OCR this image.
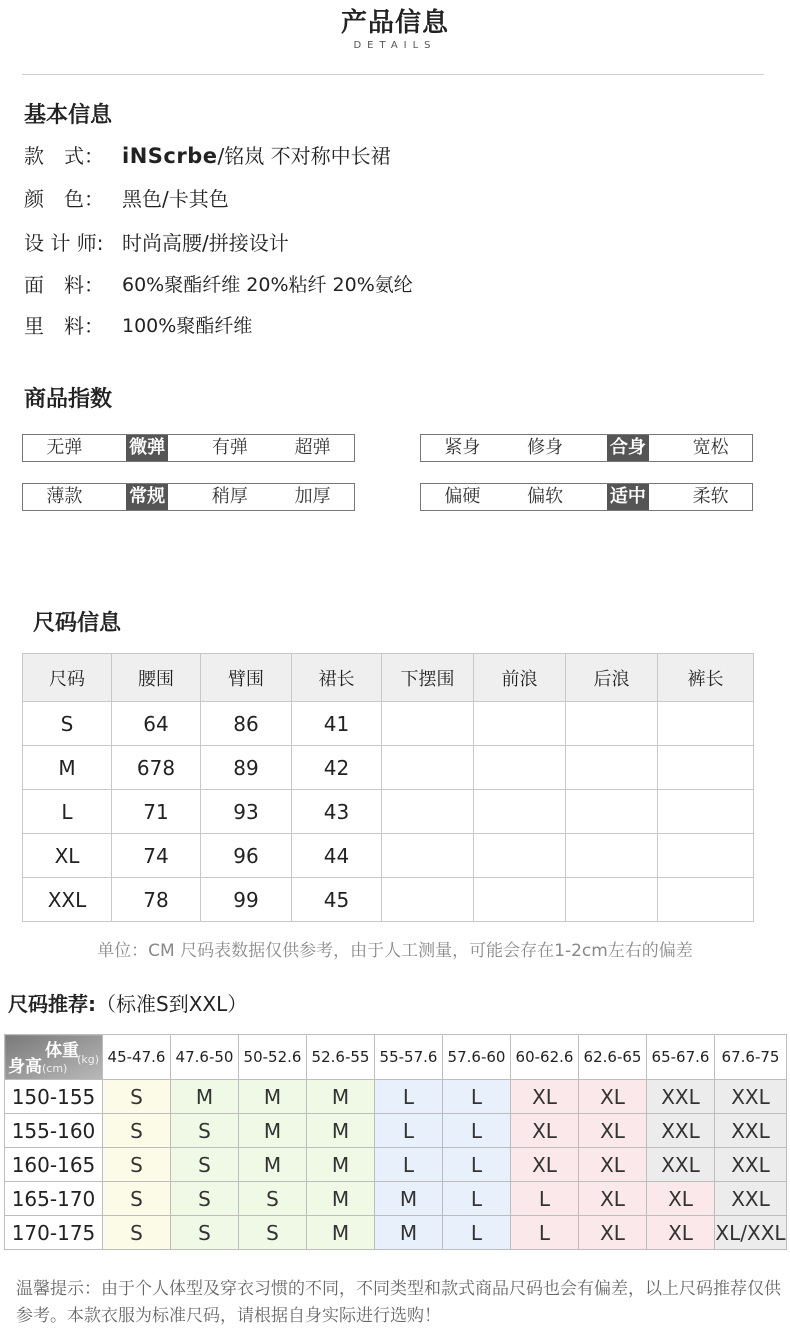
产品信息
DETAILS
基本信息
款　式： iNScrbe/铭岚 不对称中长裙
颜　色： 黑色/卡其色
设 计 师: 时尚高腰/拼接设计
面　料： 60%聚酯纤维 20%粘纤 20%氨纶
里　料： 100%聚酯纤维
商品指数
无弹	微弹	有弹	超弹	紧身	修身	合身	宽松
薄款	常规	稍厚	加厚	偏硬	偏软	适中	柔软
尺码信息
尺码	腰围	臂围	裙长	下摆围	前浪	后浪	裤长
S	64	86	41				
M	678	89	42				
L	71	93	43				
XL	74	96	44				
XXL	78	99	45				
单位：CM 尺码表数据仅供参考，由于人工测量，可能会存在1-2cm左右的偏差
尺码推荐:（标准S到XXL）
体重
(kg)
身高(cm)	45-47.6	47.6-50	50-52.6	52.6-55	55-57.6	57.6-60	60-62.6	62.6-65	65-67.6	67.6-75
150-155	S	M	M	M	L	L	XL	XL	XXL	XXL
155-160	S	S	M	M	L	L	XL	XL	XXL	XXL
160-165	S	S	M	M	L	L	XL	XL	XXL	XXL
165-170	S	S	S	M	M	L	L	XL	XL	XXL
170-175	S	S	S	M	M	L	L	XL	XL	XL/XXL
温馨提示：由于个人体型及穿衣习惯的不同，不同类型和款式商品尺码也会有偏差，以上尺码推荐仅供参考。本款衣服为标准尺码，请根据自身实际进行选购！
